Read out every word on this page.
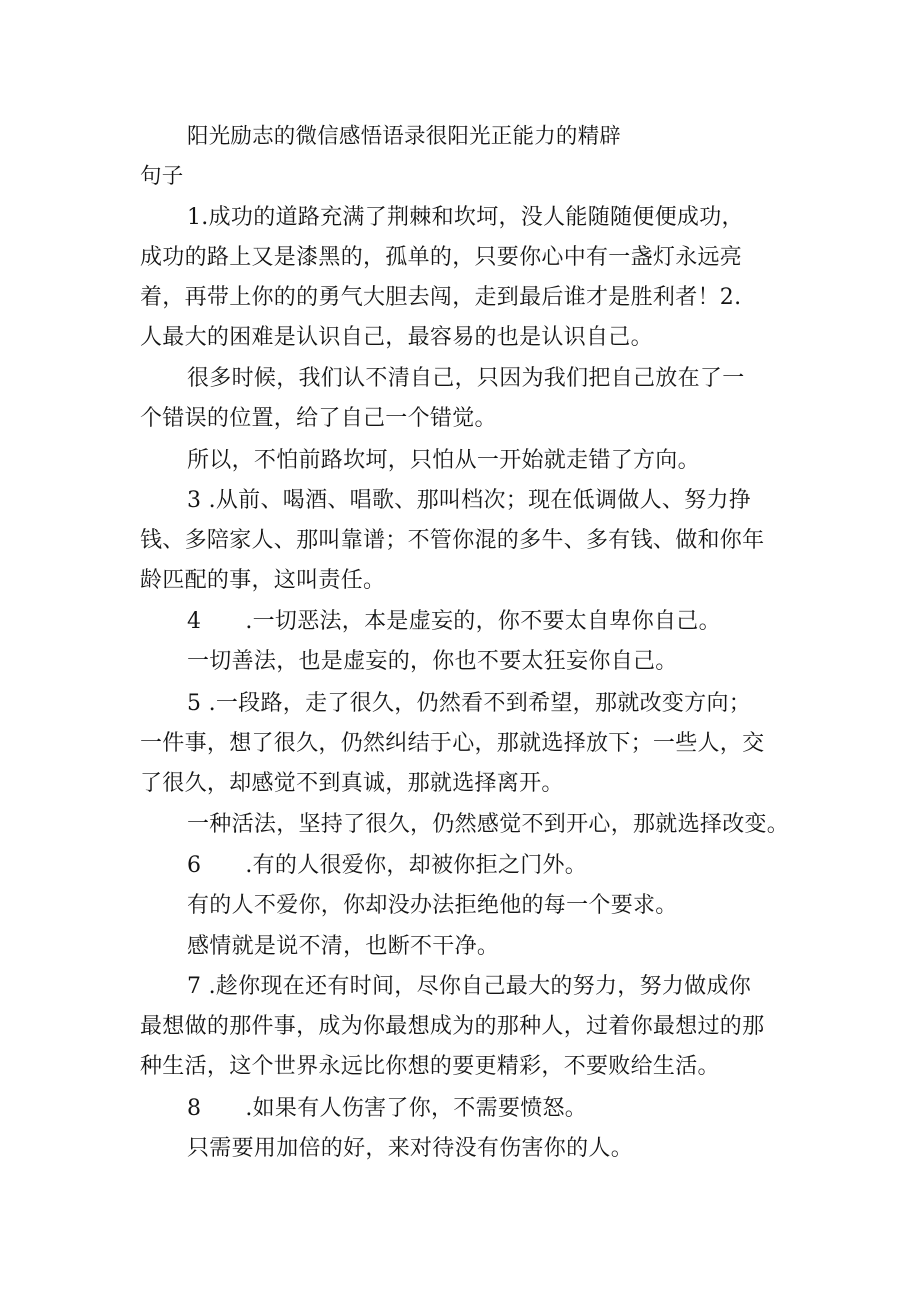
阳光励志的微信感悟语录很阳光正能力的精辟
句子
1.成功的道路充满了荆棘和坎坷，没人能随随便便成功，
成功的路上又是漆黑的，孤单的，只要你心中有一盏灯永远亮
着，再带上你的的勇气大胆去闯，走到最后谁才是胜利者！2.
人最大的困难是认识自己，最容易的也是认识自己。
很多时候，我们认不清自己，只因为我们把自己放在了一
个错误的位置，给了自己一个错觉。
所以，不怕前路坎坷，只怕从一开始就走错了方向。
3 .从前、喝酒、唱歌、那叫档次；现在低调做人、努力挣
钱、多陪家人、那叫靠谱；不管你混的多牛、多有钱、做和你年
龄匹配的事，这叫责任。
4 .一切恶法，本是虚妄的，你不要太自卑你自己。
一切善法，也是虚妄的，你也不要太狂妄你自己。
5 .一段路，走了很久，仍然看不到希望，那就改变方向；
一件事，想了很久，仍然纠结于心，那就选择放下；一些人，交
了很久，却感觉不到真诚，那就选择离开。
一种活法，坚持了很久，仍然感觉不到开心，那就选择改变。
6 .有的人很爱你，却被你拒之门外。
有的人不爱你，你却没办法拒绝他的每一个要求。
感情就是说不清，也断不干净。
7 .趁你现在还有时间，尽你自己最大的努力，努力做成你
最想做的那件事，成为你最想成为的那种人，过着你最想过的那
种生活，这个世界永远比你想的要更精彩，不要败给生活。
8 .如果有人伤害了你，不需要愤怒。
只需要用加倍的好，来对待没有伤害你的人。
